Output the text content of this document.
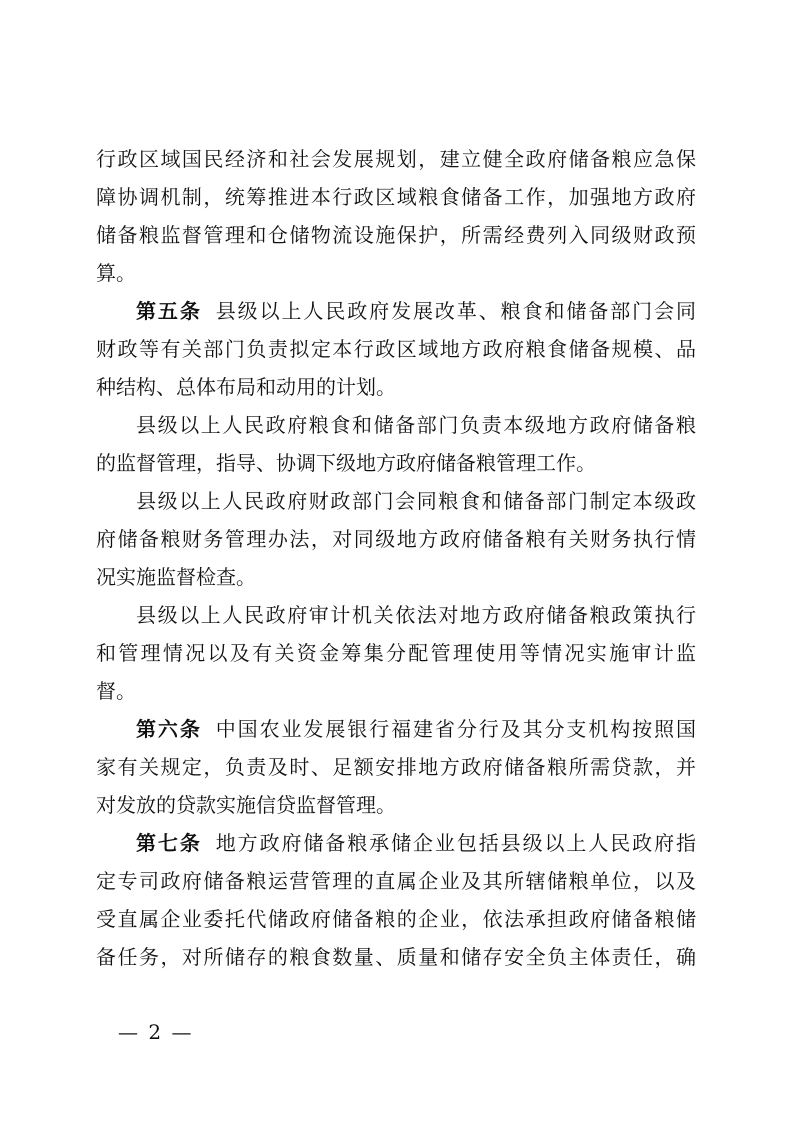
行政区域国民经济和社会发展规划，建立健全政府储备粮应急保
障协调机制，统筹推进本行政区域粮食储备工作，加强地方政府
储备粮监督管理和仓储物流设施保护，所需经费列入同级财政预
算。
第五条 县级以上人民政府发展改革、粮食和储备部门会同
财政等有关部门负责拟定本行政区域地方政府粮食储备规模、品
种结构、总体布局和动用的计划。
县级以上人民政府粮食和储备部门负责本级地方政府储备粮
的监督管理，指导、协调下级地方政府储备粮管理工作。
县级以上人民政府财政部门会同粮食和储备部门制定本级政
府储备粮财务管理办法，对同级地方政府储备粮有关财务执行情
况实施监督检查。
县级以上人民政府审计机关依法对地方政府储备粮政策执行
和管理情况以及有关资金筹集分配管理使用等情况实施审计监
督。
第六条 中国农业发展银行福建省分行及其分支机构按照国
家有关规定，负责及时、足额安排地方政府储备粮所需贷款，并
对发放的贷款实施信贷监督管理。
第七条 地方政府储备粮承储企业包括县级以上人民政府指
定专司政府储备粮运营管理的直属企业及其所辖储粮单位，以及
受直属企业委托代储政府储备粮的企业，依法承担政府储备粮储
备任务，对所储存的粮食数量、质量和储存安全负主体责任，确
— 2 —
